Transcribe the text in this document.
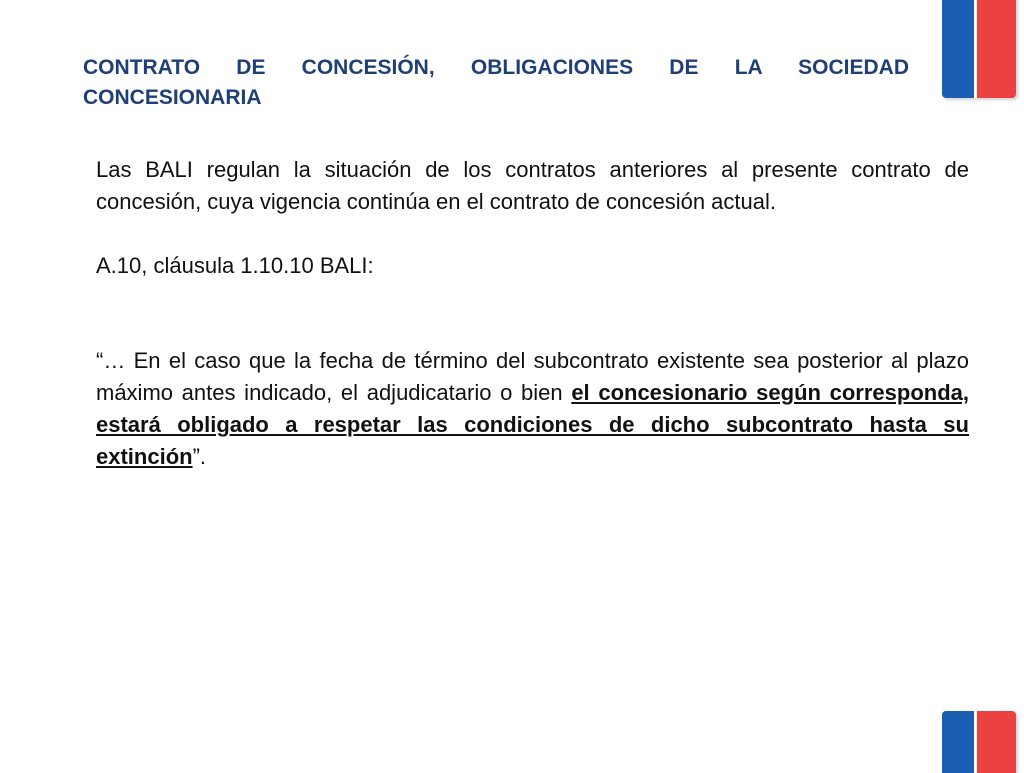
CONTRATO DE CONCESIÓN, OBLIGACIONES DE LA SOCIEDAD CONCESIONARIA

Las BALI regulan la situación de los contratos anteriores al presente contrato de concesión, cuya vigencia continúa en el contrato de concesión actual.

A.10, cláusula 1.10.10 BALI:

“… En el caso que la fecha de término del subcontrato existente sea posterior al plazo máximo antes indicado, el adjudicatario o bien el concesionario según corresponda, estará obligado a respetar las condiciones de dicho subcontrato hasta su extinción”.
